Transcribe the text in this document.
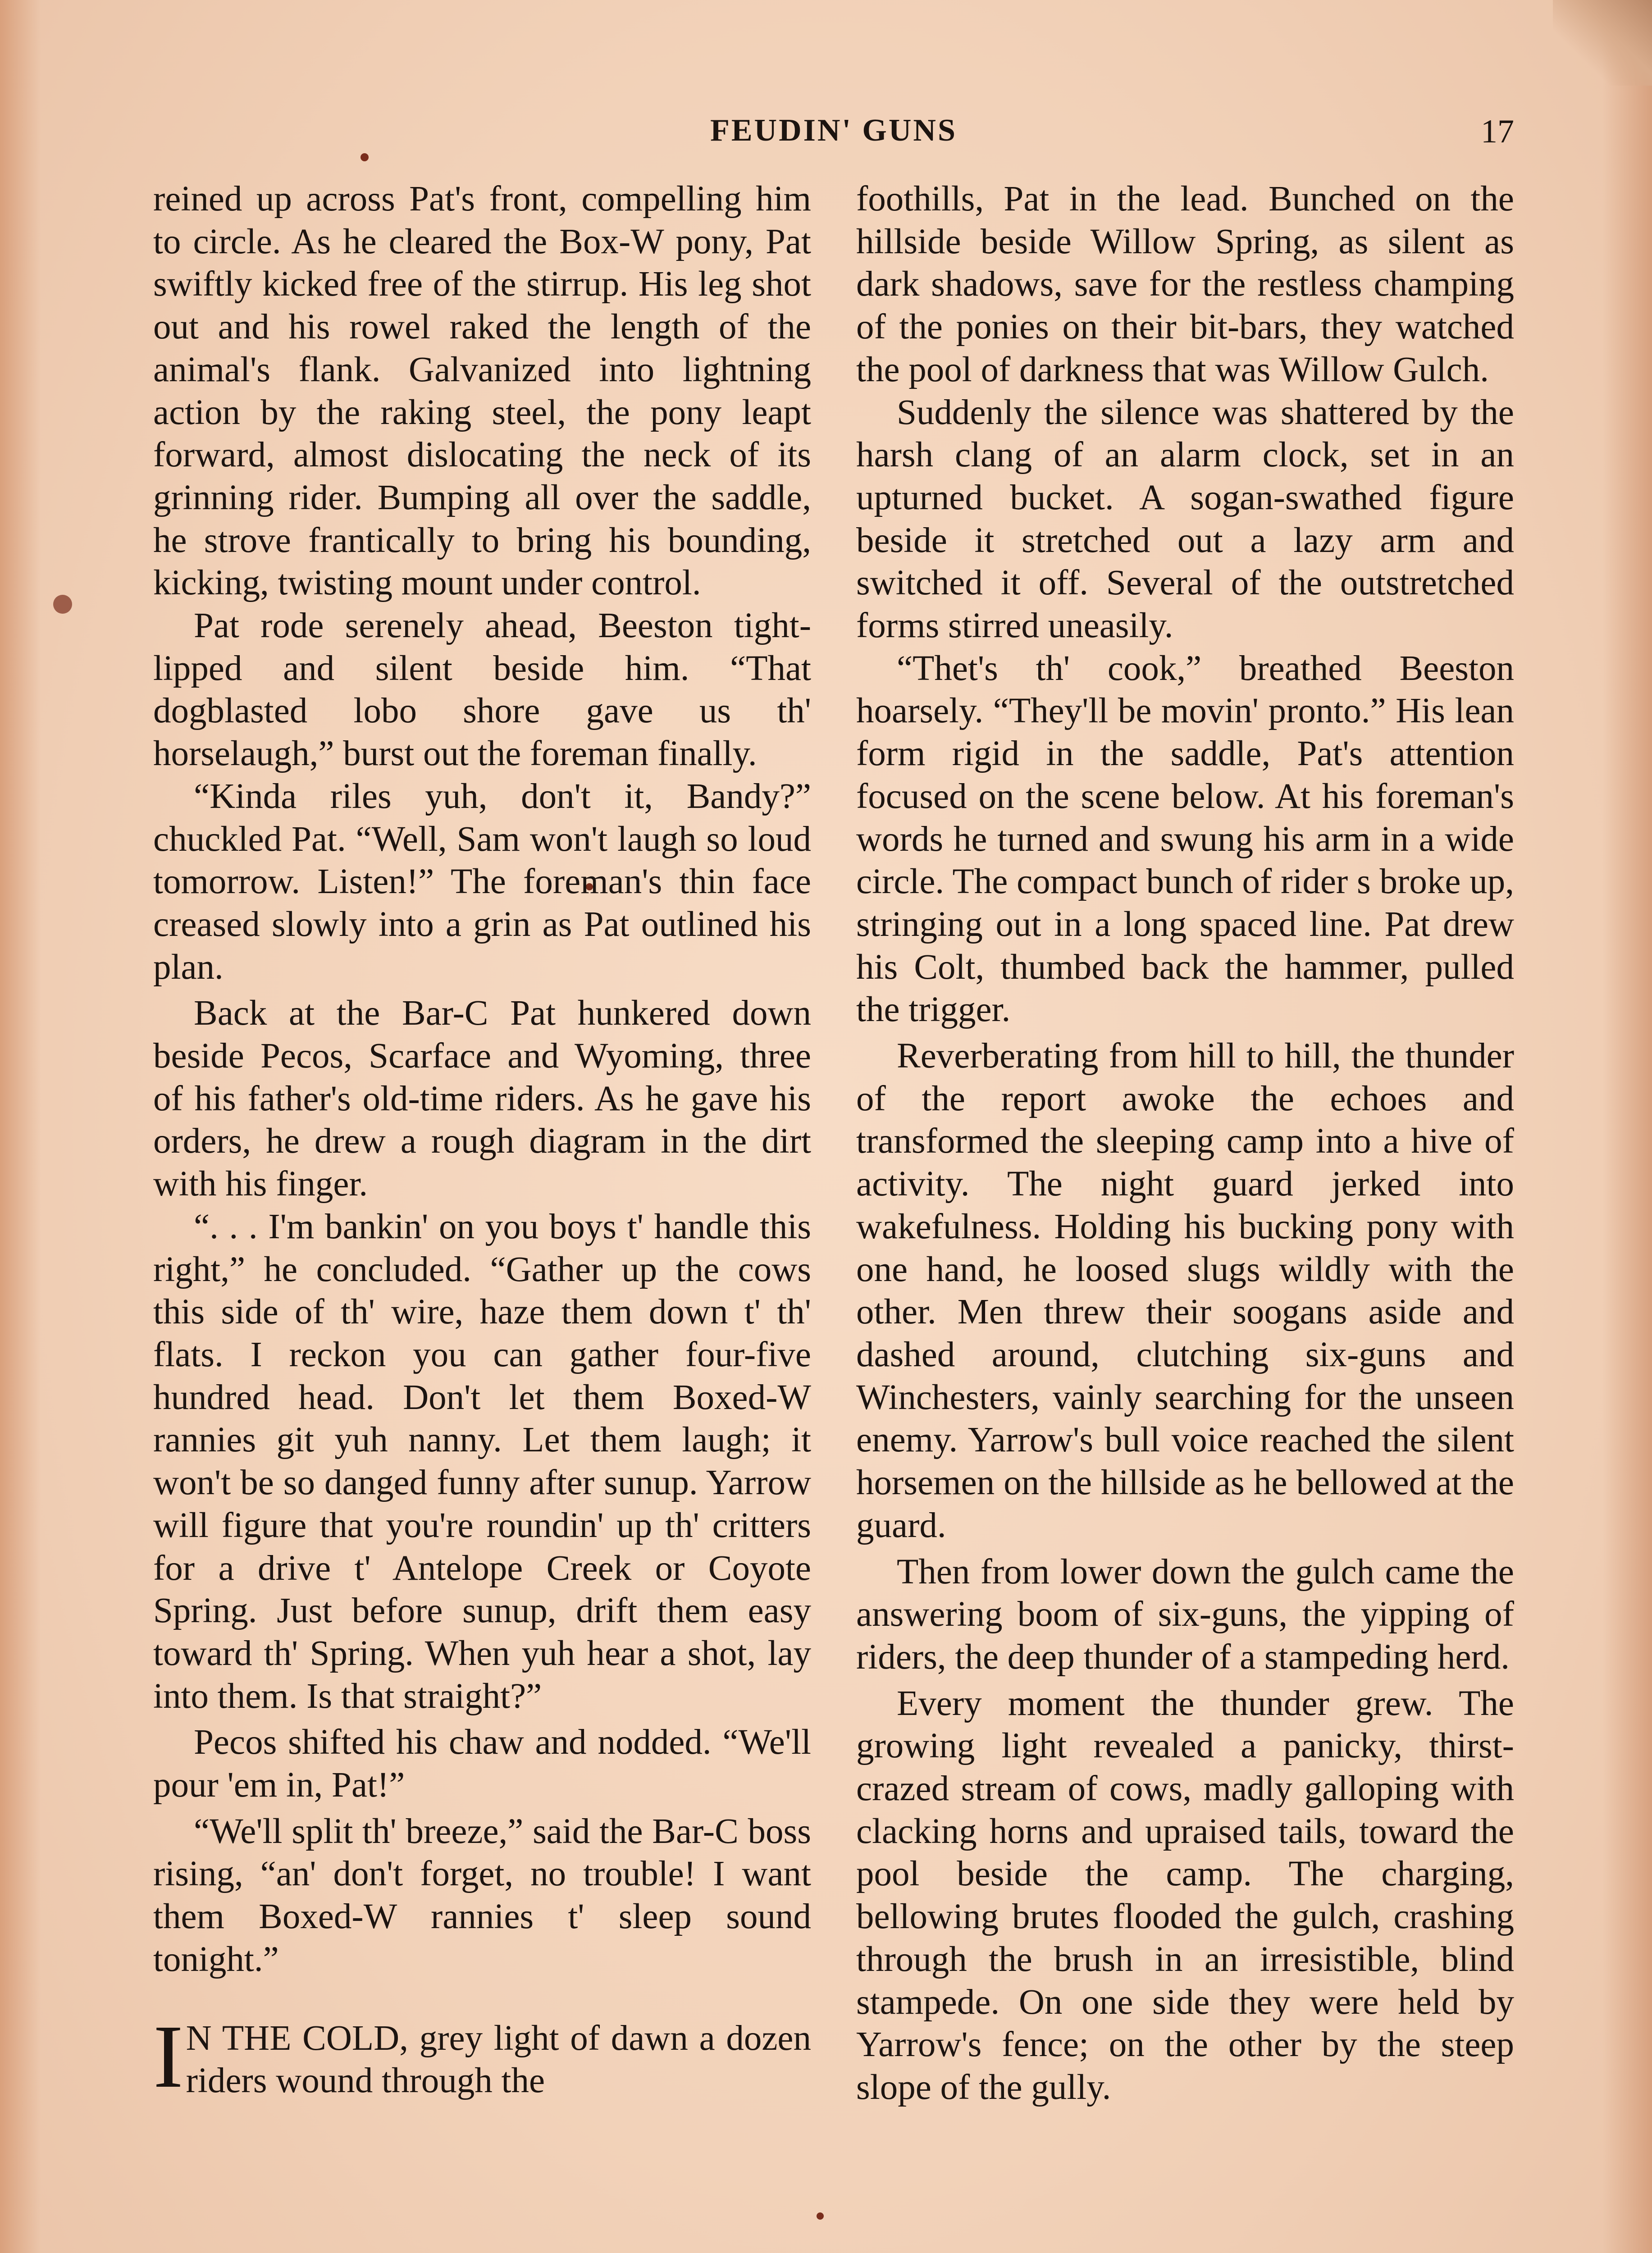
FEUDIN' GUNS	17

reined up across Pat's front, compelling him to circle. As he cleared the Box-W pony, Pat swiftly kicked free of the stirrup. His leg shot out and his rowel raked the length of the animal's flank. Galvanized into lightning action by the raking steel, the pony leapt forward, almost dislocating the neck of its grinning rider. Bumping all over the saddle, he strove frantically to bring his bounding, kicking, twisting mount under control.

Pat rode serenely ahead, Beeston tight-lipped and silent beside him. “That dogblasted lobo shore gave us th' horselaugh,” burst out the foreman finally.

“Kinda riles yuh, don't it, Bandy?” chuckled Pat. “Well, Sam won't laugh so loud tomorrow. Listen!” The foreman's thin face creased slowly into a grin as Pat outlined his plan.

Back at the Bar-C Pat hunkered down beside Pecos, Scarface and Wyoming, three of his father's old-time riders. As he gave his orders, he drew a rough diagram in the dirt with his finger.

“. . . I'm bankin' on you boys t' handle this right,” he concluded. “Gather up the cows this side of th' wire, haze them down t' th' flats. I reckon you can gather four-five hundred head. Don't let them Boxed-W rannies git yuh nanny. Let them laugh; it won't be so danged funny after sunup. Yarrow will figure that you're roundin' up th' critters for a drive t' Antelope Creek or Coyote Spring. Just before sunup, drift them easy toward th' Spring. When yuh hear a shot, lay into them. Is that straight?”

Pecos shifted his chaw and nodded. “We'll pour 'em in, Pat!”

“We'll split th' breeze,” said the Bar-C boss rising, “an' don't forget, no trouble! I want them Boxed-W rannies t' sleep sound tonight.”

I N THE COLD, grey light of dawn a dozen riders wound through the

foothills, Pat in the lead. Bunched on the hillside beside Willow Spring, as silent as dark shadows, save for the restless champing of the ponies on their bit-bars, they watched the pool of darkness that was Willow Gulch.

Suddenly the silence was shattered by the harsh clang of an alarm clock, set in an upturned bucket. A sogan-swathed figure beside it stretched out a lazy arm and switched it off. Several of the outstretched forms stirred uneasily.

“Thet's th' cook,” breathed Beeston hoarsely. “They'll be movin' pronto.” His lean form rigid in the saddle, Pat's attention focused on the scene below. At his foreman's words he turned and swung his arm in a wide circle. The compact bunch of rider s broke up, stringing out in a long spaced line. Pat drew his Colt, thumbed back the hammer, pulled the trigger.

Reverberating from hill to hill, the thunder of the report awoke the echoes and transformed the sleeping camp into a hive of activity. The night guard jerked into wakefulness. Holding his bucking pony with one hand, he loosed slugs wildly with the other. Men threw their soogans aside and dashed around, clutching six-guns and Winchesters, vainly searching for the unseen enemy. Yarrow's bull voice reached the silent horsemen on the hillside as he bellowed at the guard.

Then from lower down the gulch came the answering boom of six-guns, the yipping of riders, the deep thunder of a stampeding herd.

Every moment the thunder grew. The growing light revealed a panicky, thirst-crazed stream of cows, madly galloping with clacking horns and upraised tails, toward the pool beside the camp. The charging, bellowing brutes flooded the gulch, crashing through the brush in an irresistible, blind stampede. On one side they were held by Yarrow's fence; on the other by the steep slope of the gully.
